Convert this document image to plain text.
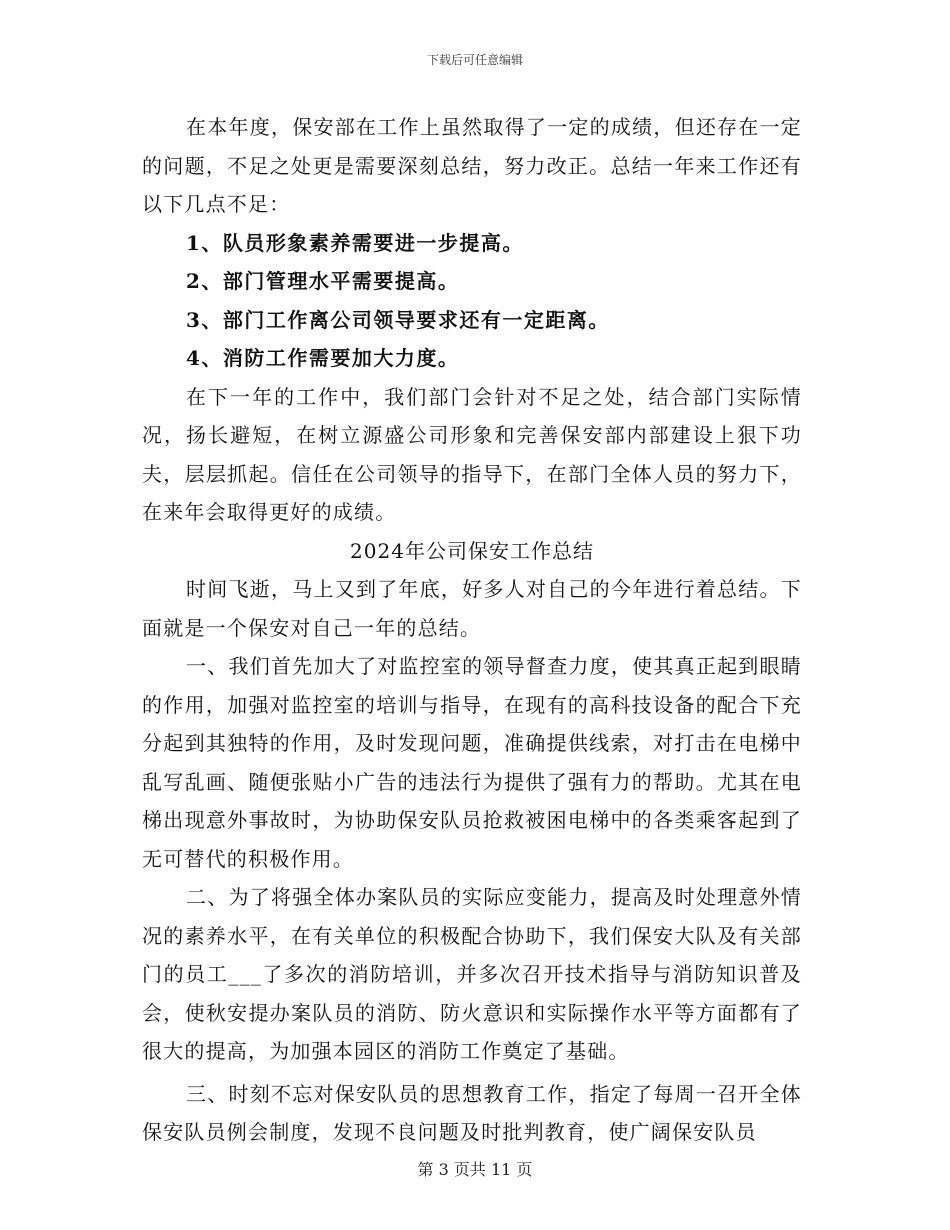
下载后可任意编辑

在本年度，保安部在工作上虽然取得了一定的成绩，但还存在一定的问题，不足之处更是需要深刻总结，努力改正。总结一年来工作还有以下几点不足：

1、队员形象素养需要进一步提高。

2、部门管理水平需要提高。

3、部门工作离公司领导要求还有一定距离。

4、消防工作需要加大力度。

在下一年的工作中，我们部门会针对不足之处，结合部门实际情况，扬长避短，在树立源盛公司形象和完善保安部内部建设上狠下功夫，层层抓起。信任在公司领导的指导下，在部门全体人员的努力下，在来年会取得更好的成绩。

2024年公司保安工作总结

时间飞逝，马上又到了年底，好多人对自己的今年进行着总结。下面就是一个保安对自己一年的总结。

一、我们首先加大了对监控室的领导督查力度，使其真正起到眼睛的作用，加强对监控室的培训与指导，在现有的高科技设备的配合下充分起到其独特的作用，及时发现问题，准确提供线索，对打击在电梯中乱写乱画、随便张贴小广告的违法行为提供了强有力的帮助。尤其在电梯出现意外事故时，为协助保安队员抢救被困电梯中的各类乘客起到了无可替代的积极作用。

二、为了将强全体办案队员的实际应变能力，提高及时处理意外情况的素养水平，在有关单位的积极配合协助下，我们保安大队及有关部门的员工___了多次的消防培训，并多次召开技术指导与消防知识普及会，使秋安提办案队员的消防、防火意识和实际操作水平等方面都有了很大的提高，为加强本园区的消防工作奠定了基础。

三、时刻不忘对保安队员的思想教育工作，指定了每周一召开全体保安队员例会制度，发现不良问题及时批判教育，使广阔保安队员

第 3 页共 11 页
